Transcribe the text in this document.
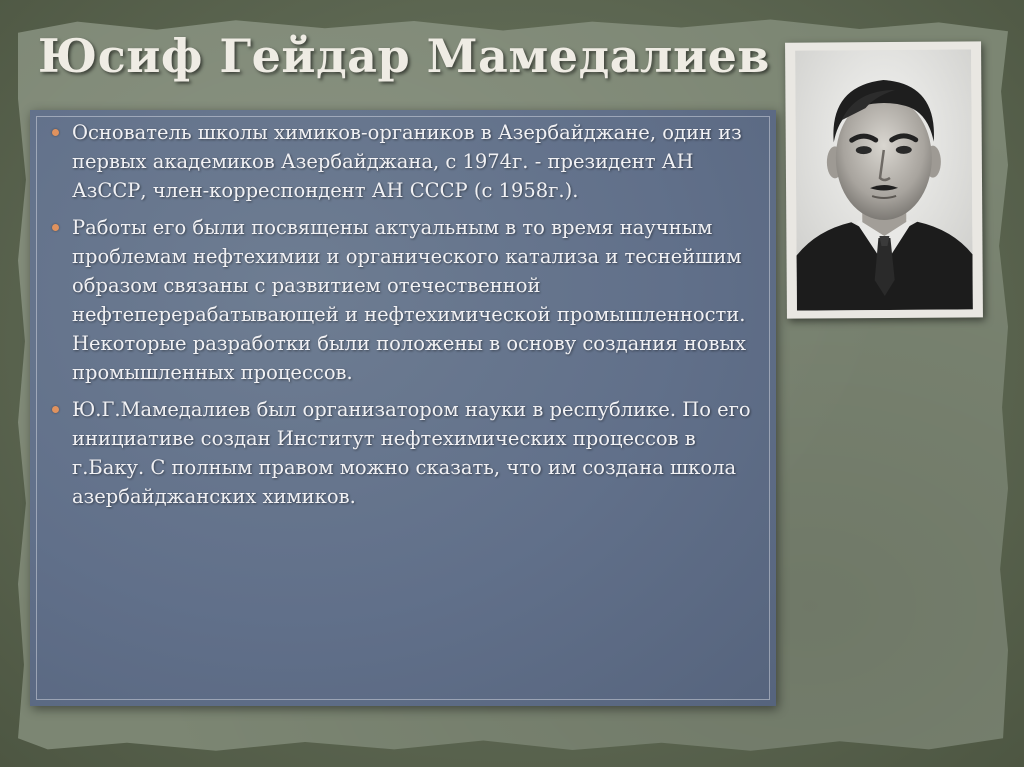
Юсиф Гейдар Мамедалиев
Основатель школы химиков-органиков в Азербайджане, один из первых академиков Азербайджана, с 1974г. - президент АН АзССР, член-корреспондент АН СССР (с 1958г.).
Работы его были посвящены актуальным в то время научным проблемам нефтехимии и органического катализа и теснейшим образом связаны с развитием отечественной нефтеперерабатывающей и нефтехимической промышленности. Некоторые разработки были положены в основу создания новых промышленных процессов.
Ю.Г.Мамедалиев был организатором науки в республике. По его инициативе создан Институт нефтехимических процессов в г.Баку. С полным правом можно сказать, что им создана школа азербайджанских химиков.
